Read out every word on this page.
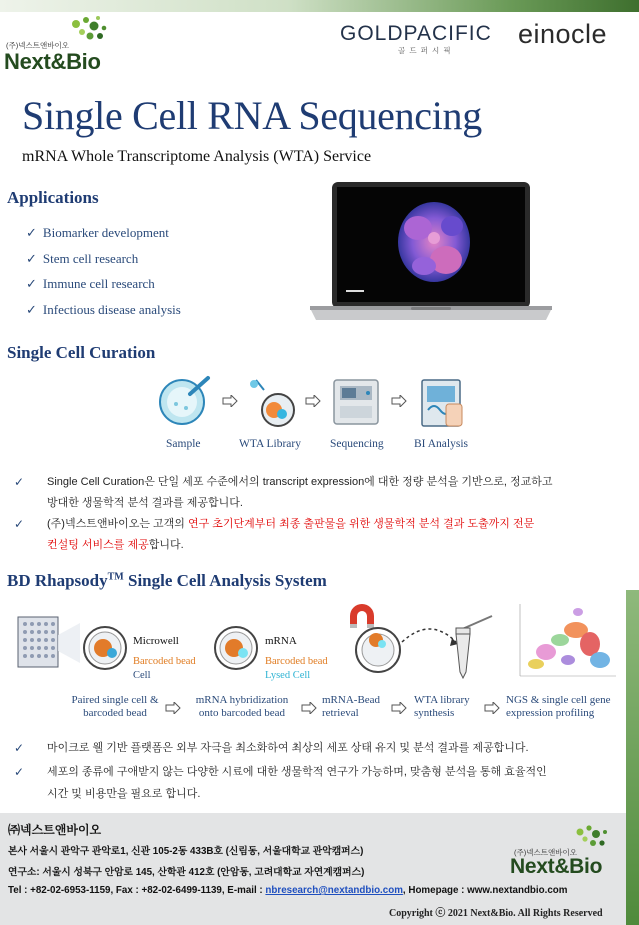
(주)넥스트앤바이오
Next&Bio
GOLDPACIFIC
골 드 퍼 시 픽
einocle
Single Cell RNA Sequencing
mRNA Whole Transcriptome Analysis (WTA) Service
Applications
✓ Biomarker development
✓ Stem cell research
✓ Immune cell research
✓ Infectious disease analysis
Single Cell Curation
Sample	WTA Library	Sequencing	BI Analysis
✓ Single Cell Curation은 단일 세포 수준에서의 transcript expression에 대한 정량 분석을 기반으로, 정교하고
방대한 생물학적 분석 결과를 제공합니다.
✓ (주)넥스트앤바이오는 고객의 연구 초기단계부터 최종 출판물을 위한 생물학적 분석 결과 도출까지 전문
컨설팅 서비스를 제공합니다.
BD Rhapsody™ Single Cell Analysis System
Microwell
Barcoded bead
Cell
mRNA
Barcoded bead
Lysed Cell
Paired single cell &
barcoded bead
mRNA hybridization
onto barcoded bead
mRNA-Bead
retrieval
WTA library
synthesis
NGS & single cell gene
expression profiling
✓ 마이크로 웰 기반 플랫폼은 외부 자극을 최소화하여 최상의 세포 상태 유지 및 분석 결과를 제공합니다.
✓ 세포의 종류에 구애받지 않는 다양한 시료에 대한 생물학적 연구가 가능하며, 맞춤형 분석을 통해 효율적인
시간 및 비용만을 필요로 합니다.
㈜넥스트앤바이오
본사 서울시 관악구 관악로1, 신관 105-2동 433B호 (신림동, 서울대학교 관악캠퍼스)
연구소: 서울시 성북구 안암로 145, 산학관 412호 (안암동, 고려대학교 자연계캠퍼스)
Tel : +82-02-6953-1159, Fax : +82-02-6499-1139, E-mail : nbresearch@nextandbio.com, Homepage : www.nextandbio.com
Copyright ⓒ 2021 Next&Bio. All Rights Reserved
(주)넥스트앤바이오
Next&Bio
